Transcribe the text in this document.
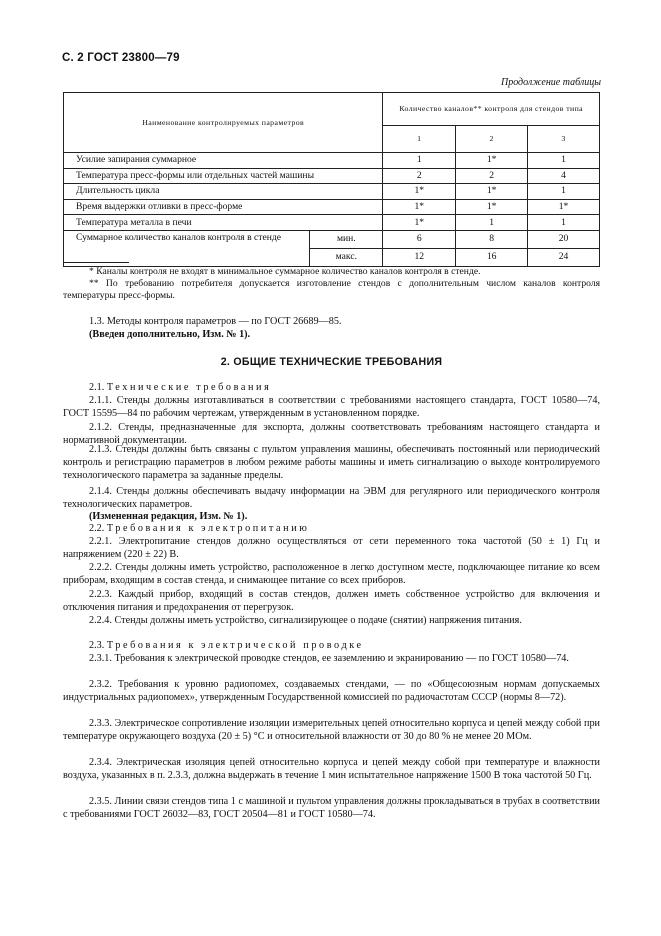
С. 2 ГОСТ 23800—79
Продолжение таблицы
Наименование контролируемых параметров		Количество каналов** контроля для стендов типа		
		1	2	3
Усилие запирания суммарное		1	1*	1
Температура пресс-формы или отдельных частей машины		2	2	4
Длительность цикла		1*	1*	1
Время выдержки отливки в пресс-форме		1*	1*	1*
Температура металла в печи		1*	1	1
Суммарное количество каналов контроля в стенде	мин.	6	8	20
	макс.	12	16	24
* Каналы контроля не входят в минимальное суммарное количество каналов контроля в стенде.
** По требованию потребителя допускается изготовление стендов с дополнительным числом каналов контроля температуры пресс-формы.
1.3. Методы контроля параметров — по ГОСТ 26689—85.
(Введен дополнительно, Изм. № 1).
2. ОБЩИЕ ТЕХНИЧЕСКИЕ ТРЕБОВАНИЯ
2.1. Технические требования
2.1.1. Стенды должны изготавливаться в соответствии с требованиями настоящего стандарта, ГОСТ 10580—74, ГОСТ 15595—84 по рабочим чертежам, утвержденным в установленном порядке.
2.1.2. Стенды, предназначенные для экспорта, должны соответствовать требованиям настоящего стандарта и нормативной документации.
2.1.3. Стенды должны быть связаны с пультом управления машины, обеспечивать постоянный или периодический контроль и регистрацию параметров в любом режиме работы машины и иметь сигнализацию о выходе контролируемого технологического параметра за заданные пределы.
2.1.4. Стенды должны обеспечивать выдачу информации на ЭВМ для регулярного или периодического контроля технологических параметров.
(Измененная редакция, Изм. № 1).
2.2. Требования к электропитанию
2.2.1. Электропитание стендов должно осуществляться от сети переменного тока частотой (50 ± 1) Гц и напряжением (220 ± 22) В.
2.2.2. Стенды должны иметь устройство, расположенное в легко доступном месте, подключающее питание ко всем приборам, входящим в состав стенда, и снимающее питание со всех приборов.
2.2.3. Каждый прибор, входящий в состав стендов, должен иметь собственное устройство для включения и отключения питания и предохранения от перегрузок.
2.2.4. Стенды должны иметь устройство, сигнализирующее о подаче (снятии) напряжения питания.
2.3. Требования к электрической проводке
2.3.1. Требования к электрической проводке стендов, ее заземлению и экранированию — по ГОСТ 10580—74.
2.3.2. Требования к уровню радиопомех, создаваемых стендами, — по «Общесоюзным нормам допускаемых индустриальных радиопомех», утвержденным Государственной комиссией по радиочастотам СССР (нормы 8—72).
2.3.3. Электрическое сопротивление изоляции измерительных цепей относительно корпуса и цепей между собой при температуре окружающего воздуха (20 ± 5) °С и относительной влажности от 30 до 80 % не менее 20 МОм.
2.3.4. Электрическая изоляция цепей относительно корпуса и цепей между собой при температуре и влажности воздуха, указанных в п. 2.3.3, должна выдержать в течение 1 мин испытательное напряжение 1500 В тока частотой 50 Гц.
2.3.5. Линии связи стендов типа 1 с машиной и пультом управления должны прокладываться в трубах в соответствии с требованиями ГОСТ 26032—83, ГОСТ 20504—81 и ГОСТ 10580—74.
